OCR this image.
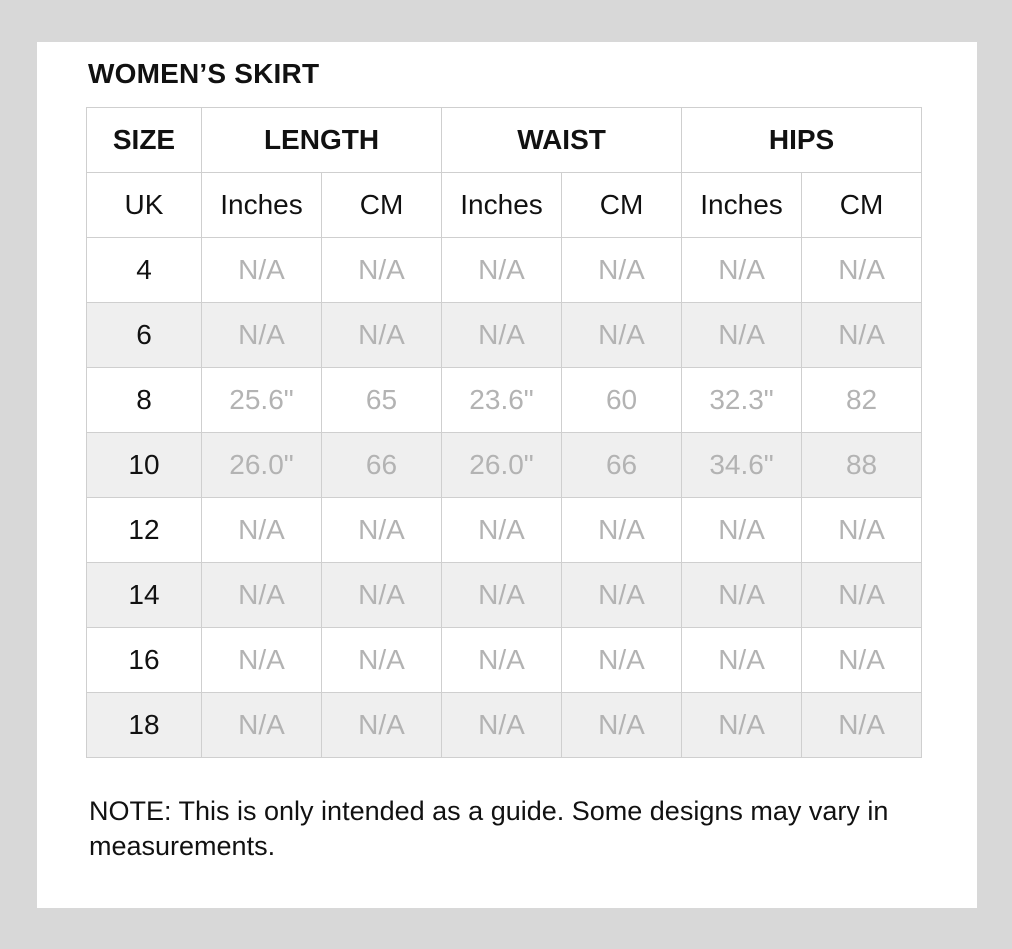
WOMEN’S SKIRT
SIZE	LENGTH		WAIST		HIPS	
UK	Inches	CM	Inches	CM	Inches	CM
4	N/A	N/A	N/A	N/A	N/A	N/A
6	N/A	N/A	N/A	N/A	N/A	N/A
8	25.6"	65	23.6"	60	32.3"	82
10	26.0"	66	26.0"	66	34.6"	88
12	N/A	N/A	N/A	N/A	N/A	N/A
14	N/A	N/A	N/A	N/A	N/A	N/A
16	N/A	N/A	N/A	N/A	N/A	N/A
18	N/A	N/A	N/A	N/A	N/A	N/A

NOTE: This is only intended as a guide. Some designs may vary in measurements.
